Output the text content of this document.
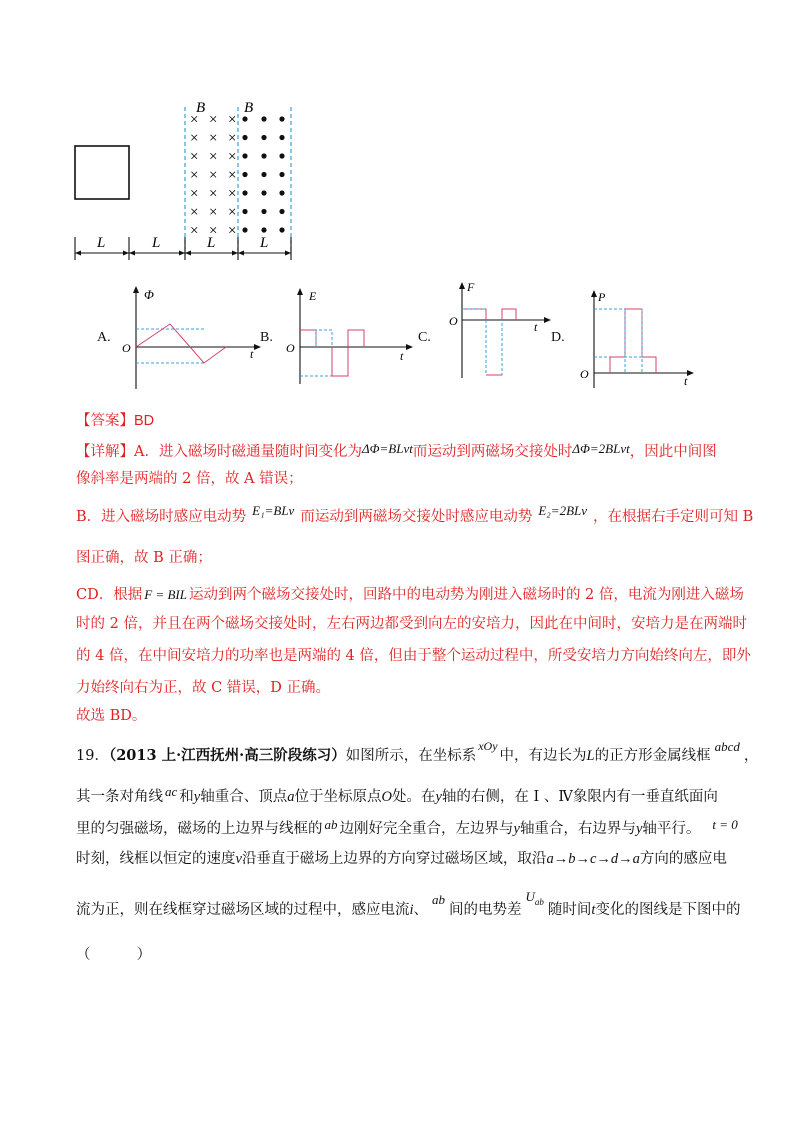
B	B
× × ×
× × ×
× × ×
× × ×
× × ×
× × ×
× × ×
L	L	L	L
A.
Φ
t
O
B.
E
t
O
C.
F
t
O
D.
P
t
O
【答案】BD
【详解】A．进入磁场时磁通量随时间变化为ΔΦ=BLvt而运动到两磁场交接处时ΔΦ=2BLvt，因此中间图
像斜率是两端的 2 倍，故 A 错误；
B．进入磁场时感应电动势 E₁=BLv 而运动到两磁场交接处时感应电动势 E₂=2BLv ，在根据右手定则可知 B
图正确，故 B 正确；
CD．根据 F = BIL 运动到两个磁场交接处时，回路中的电动势为刚进入磁场时的 2 倍，电流为刚进入磁场
时的 2 倍，并且在两个磁场交接处时，左右两边都受到向左的安培力，因此在中间时，安培力是在两端时
的 4 倍，在中间安培力的功率也是两端的 4 倍，但由于整个运动过程中，所受安培力方向始终向左，即外
力始终向右为正，故 C 错误，D 正确。
故选 BD。
19．（2013 上·江西抚州·高三阶段练习）如图所示，在坐标系$^{xOy}$中，有边长为L的正方形金属线框abcd，
其一条对角线 ac 和y轴重合、顶点a位于坐标原点O处。在y轴的右侧，在 Ⅰ 、Ⅳ象限内有一垂直纸面向
里的匀强磁场，磁场的上边界与线框的 ab 边刚好完全重合，左边界与y轴重合，右边界与y轴平行。 t = 0
时刻，线框以恒定的速度v沿垂直于磁场上边界的方向穿过磁场区域，取沿a→b→c→d→a方向的感应电
流为正，则在线框穿过磁场区域的过程中，感应电流i、ab间的电势差$U_{ab}$ 随时间t变化的图线是下图中的
（          ）
